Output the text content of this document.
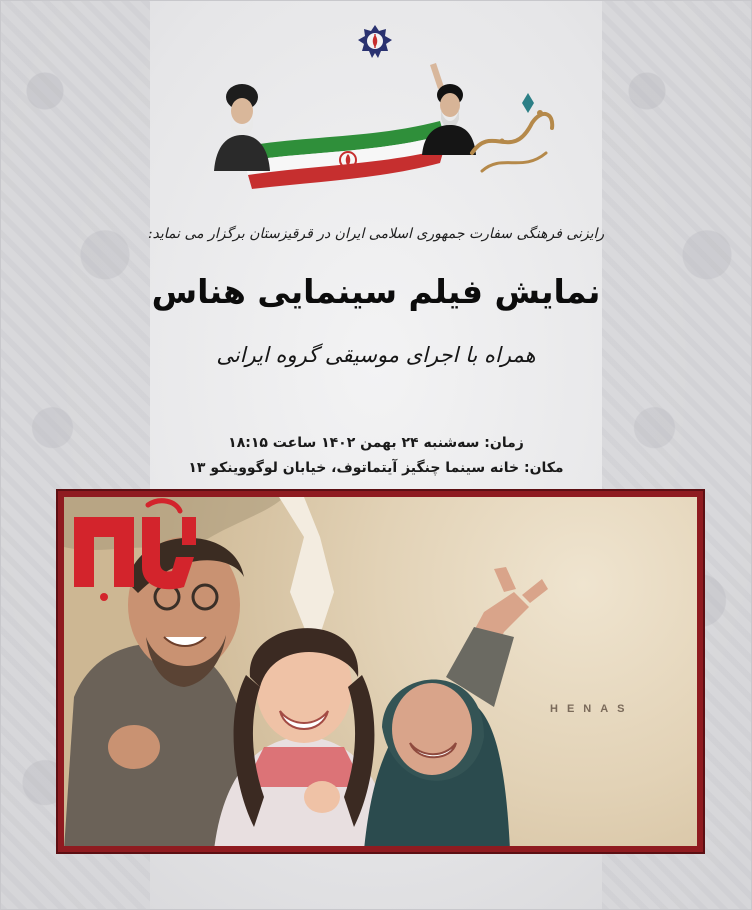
رایزنی فرهنگی سفارت جمهوری اسلامی ایران در قرقیزستان برگزار می نماید:
نمایش فیلم سینمایی هناس
همراه با اجرای موسیقی گروه ایرانی
زمان: سه‌شنبه ۲۴ بهمن ۱۴۰۲ ساعت ۱۸:۱۵
مکان: خانه سینما چنگیز آیتماتوف، خیابان لوگووینکو ۱۳
HENAS
